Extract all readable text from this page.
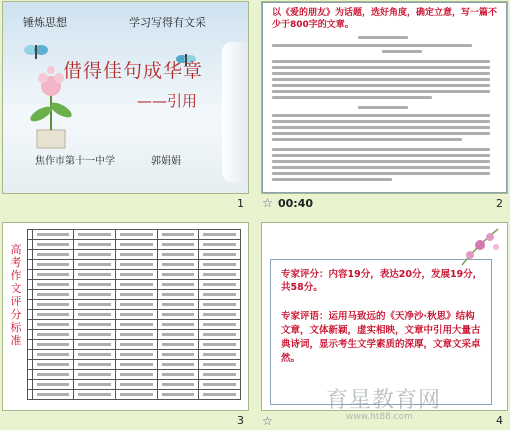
锤炼思想	学习写得有文采
借得佳句成华章
——引用
焦作市第十一中学	郭娟娟
1
以《爱的朋友》为话题，选好角度，确定立意，写一篇不少于800字的文章。
2
☆ 00:40
高考作文评分标准

3
专家评分：内容19分，表达20分，发展19分，共58分。
专家评语：运用马致远的《天净沙·秋思》结构文章，文体新颖，虚实相映，文章中引用大量古典诗词，显示考生文学素质的深厚，文章文采卓然。
☆	4
育星教育网
www.ht88.com
